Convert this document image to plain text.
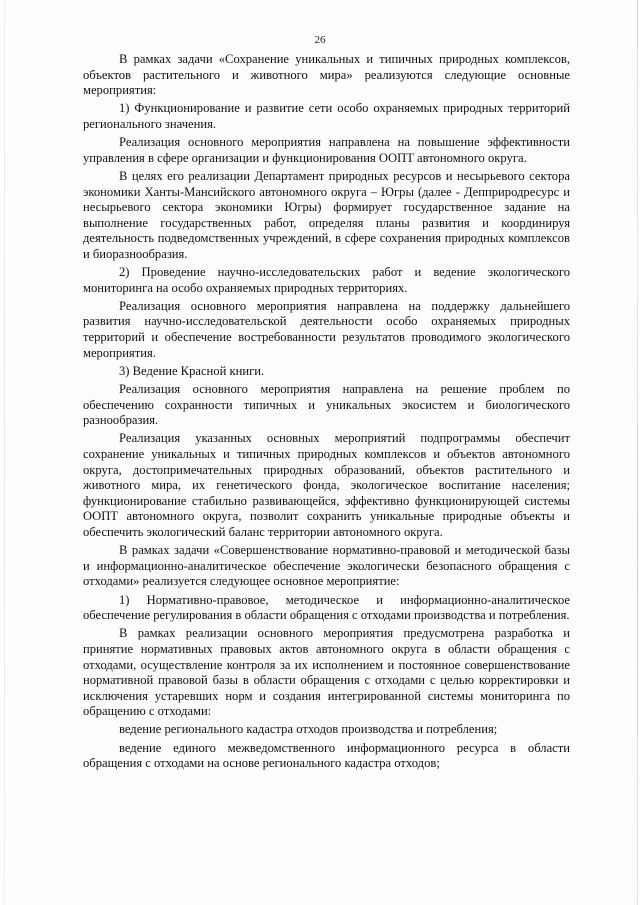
26

В рамках задачи «Сохранение уникальных и типичных природных комплексов, объектов растительного и животного мира» реализуются следующие основные мероприятия:

1) Функционирование и развитие сети особо охраняемых природных территорий регионального значения.

Реализация основного мероприятия направлена на повышение эффективности управления в сфере организации и функционирования ООПТ автономного округа.

В целях его реализации Департамент природных ресурсов и несырьевого сектора экономики Ханты-Мансийского автономного округа – Югры (далее - Депприродресурс и несырьевого сектора экономики Югры) формирует государственное задание на выполнение государственных работ, определяя планы развития и координируя деятельность подведомственных учреждений, в сфере сохранения природных комплексов и биоразнообразия.

2) Проведение научно-исследовательских работ и ведение экологического мониторинга на особо охраняемых природных территориях.

Реализация основного мероприятия направлена на поддержку дальнейшего развития научно-исследовательской деятельности особо охраняемых природных территорий и обеспечение востребованности результатов проводимого экологического мероприятия.

3) Ведение Красной книги.

Реализация основного мероприятия направлена на решение проблем по обеспечению сохранности типичных и уникальных экосистем и биологического разнообразия.

Реализация указанных основных мероприятий подпрограммы обеспечит сохранение уникальных и типичных природных комплексов и объектов автономного округа, достопримечательных природных образований, объектов растительного и животного мира, их генетического фонда, экологическое воспитание населения; функционирование стабильно развивающейся, эффективно функционирующей системы ООПТ автономного округа, позволит сохранить уникальные природные объекты и обеспечить экологический баланс территории автономного округа.

В рамках задачи «Совершенствование нормативно-правовой и методической базы и информационно-аналитическое обеспечение экологически безопасного обращения с отходами» реализуется следующее основное мероприятие:

1) Нормативно-правовое, методическое и информационно-аналитическое обеспечение регулирования в области обращения с отходами производства и потребления.

В рамках реализации основного мероприятия предусмотрена разработка и принятие нормативных правовых актов автономного округа в области обращения с отходами, осуществление контроля за их исполнением и постоянное совершенствование нормативной правовой базы в области обращения с отходами с целью корректировки и исключения устаревших норм и создания интегрированной системы мониторинга по обращению с отходами:

ведение регионального кадастра отходов производства и потребления;

ведение единого межведомственного информационного ресурса в области обращения с отходами на основе регионального кадастра отходов;
